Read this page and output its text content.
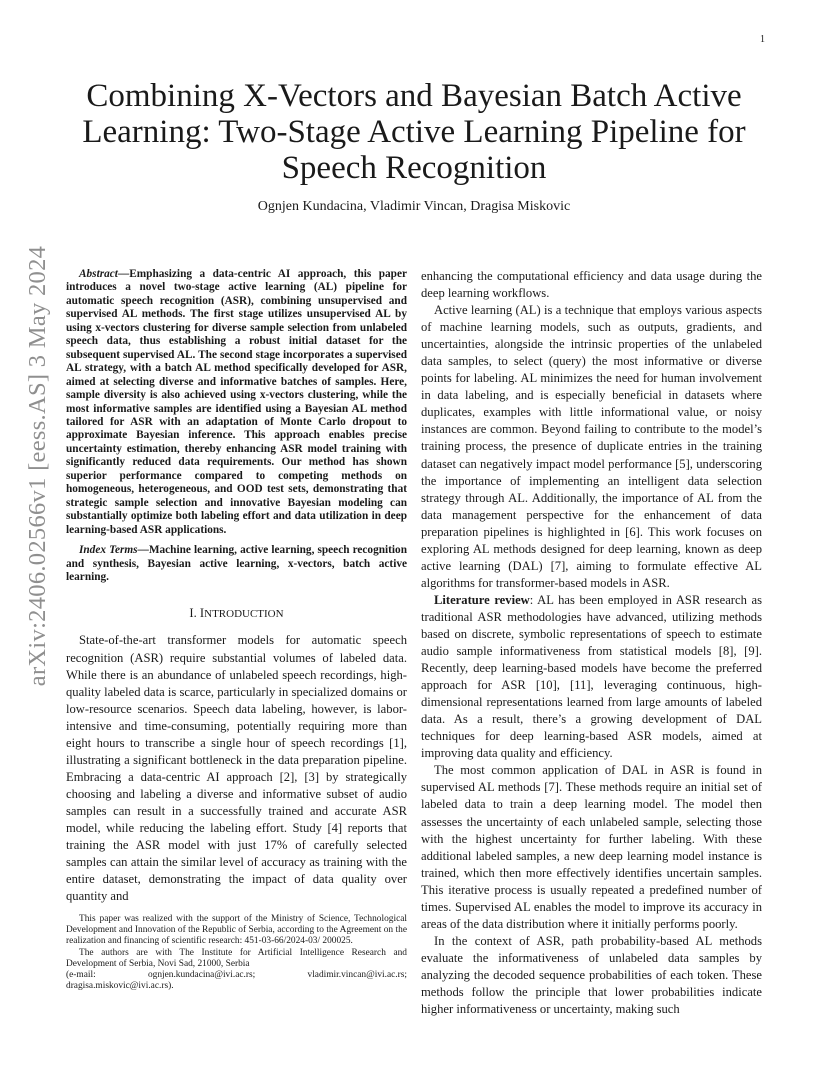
1
arXiv:2406.02566v1 [eess.AS] 3 May 2024
Combining X-Vectors and Bayesian Batch Active
Learning: Two-Stage Active Learning Pipeline for
Speech Recognition
Ognjen Kundacina, Vladimir Vincan, Dragisa Miskovic

Abstract—Emphasizing a data-centric AI approach, this paper introduces a novel two-stage active learning (AL) pipeline for automatic speech recognition (ASR), combining unsupervised and supervised AL methods. The first stage utilizes unsupervised AL by using x-vectors clustering for diverse sample selection from unlabeled speech data, thus establishing a robust initial dataset for the subsequent supervised AL. The second stage incorporates a supervised AL strategy, with a batch AL method specifically developed for ASR, aimed at selecting diverse and informative batches of samples. Here, sample diversity is also achieved using x-vectors clustering, while the most informative samples are identified using a Bayesian AL method tailored for ASR with an adaptation of Monte Carlo dropout to approximate Bayesian inference. This approach enables precise uncertainty estimation, thereby enhancing ASR model training with significantly reduced data requirements. Our method has shown superior performance compared to competing methods on homogeneous, heterogeneous, and OOD test sets, demonstrating that strategic sample selection and innovative Bayesian modeling can substantially optimize both labeling effort and data utilization in deep learning-based ASR applications.

Index Terms—Machine learning, active learning, speech recognition and synthesis, Bayesian active learning, x-vectors, batch active learning.

I. INTRODUCTION

State-of-the-art transformer models for automatic speech recognition (ASR) require substantial volumes of labeled data. While there is an abundance of unlabeled speech recordings, high-quality labeled data is scarce, particularly in specialized domains or low-resource scenarios. Speech data labeling, however, is labor-intensive and time-consuming, potentially requiring more than eight hours to transcribe a single hour of speech recordings [1], illustrating a significant bottleneck in the data preparation pipeline. Embracing a data-centric AI approach [2], [3] by strategically choosing and labeling a diverse and informative subset of audio samples can result in a successfully trained and accurate ASR model, while reducing the labeling effort. Study [4] reports that training the ASR model with just 17% of carefully selected samples can attain the similar level of accuracy as training with the entire dataset, demonstrating the impact of data quality over quantity and

enhancing the computational efficiency and data usage during the deep learning workflows.

Active learning (AL) is a technique that employs various aspects of machine learning models, such as outputs, gradients, and uncertainties, alongside the intrinsic properties of the unlabeled data samples, to select (query) the most informative or diverse points for labeling. AL minimizes the need for human involvement in data labeling, and is especially beneficial in datasets where duplicates, examples with little informational value, or noisy instances are common. Beyond failing to contribute to the model’s training process, the presence of duplicate entries in the training dataset can negatively impact model performance [5], underscoring the importance of implementing an intelligent data selection strategy through AL. Additionally, the importance of AL from the data management perspective for the enhancement of data preparation pipelines is highlighted in [6]. This work focuses on exploring AL methods designed for deep learning, known as deep active learning (DAL) [7], aiming to formulate effective AL algorithms for transformer-based models in ASR.

Literature review: AL has been employed in ASR research as traditional ASR methodologies have advanced, utilizing methods based on discrete, symbolic representations of speech to estimate audio sample informativeness from statistical models [8], [9]. Recently, deep learning-based models have become the preferred approach for ASR [10], [11], leveraging continuous, high-dimensional representations learned from large amounts of labeled data. As a result, there’s a growing development of DAL techniques for deep learning-based ASR models, aimed at improving data quality and efficiency.

The most common application of DAL in ASR is found in supervised AL methods [7]. These methods require an initial set of labeled data to train a deep learning model. The model then assesses the uncertainty of each unlabeled sample, selecting those with the highest uncertainty for further labeling. With these additional labeled samples, a new deep learning model instance is trained, which then more effectively identifies uncertain samples. This iterative process is usually repeated a predefined number of times. Supervised AL enables the model to improve its accuracy in areas of the data distribution where it initially performs poorly.

In the context of ASR, path probability-based AL methods evaluate the informativeness of unlabeled data samples by analyzing the decoded sequence probabilities of each token. These methods follow the principle that lower probabilities indicate higher informativeness or uncertainty, making such

This paper was realized with the support of the Ministry of Science, Technological Development and Innovation of the Republic of Serbia, according to the Agreement on the realization and financing of scientific research: 451-03-66/2024-03/ 200025.

The authors are with The Institute for Artificial Intelligence Research and Development of Serbia, Novi Sad, 21000, Serbia

(e-mail:	ognjen.kundacina@ivi.ac.rs;	vladimir.vincan@ivi.ac.rs;
dragisa.miskovic@ivi.ac.rs).
